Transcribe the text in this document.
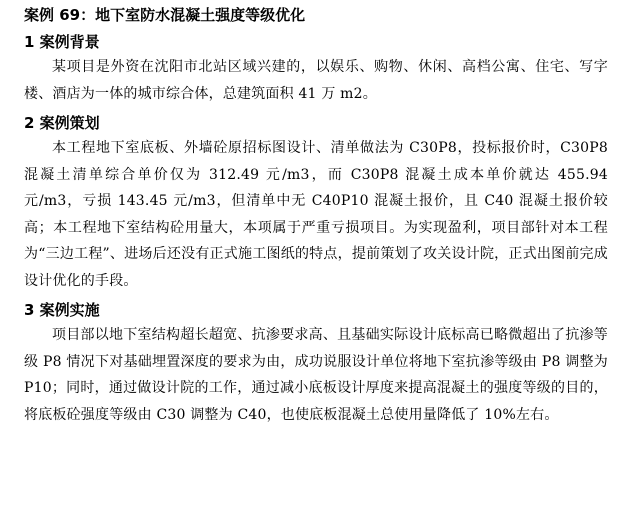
案例 69：地下室防水混凝土强度等级优化
1 案例背景

某项目是外资在沈阳市北站区域兴建的，以娱乐、购物、休闲、高档公寓、住宅、写字楼、酒店为一体的城市综合体，总建筑面积 41 万 m2。

2 案例策划

本工程地下室底板、外墙砼原招标图设计、清单做法为 C30P8，投标报价时，C30P8 混凝土清单综合单价仅为 312.49 元/m3，而 C30P8 混凝土成本单价就达 455.94 元/m3，亏损 143.45 元/m3，但清单中无 C40P10 混凝土报价，且 C40 混凝土报价较高；本工程地下室结构砼用量大，本项属于严重亏损项目。为实现盈利，项目部针对本工程为“三边工程”、进场后还没有正式施工图纸的特点，提前策划了攻关设计院，正式出图前完成设计优化的手段。

3 案例实施

项目部以地下室结构超长超宽、抗渗要求高、且基础实际设计底标高已略微超出了抗渗等级 P8 情况下对基础埋置深度的要求为由，成功说服设计单位将地下室抗渗等级由 P8 调整为 P10；同时，通过做设计院的工作，通过减小底板设计厚度来提高混凝土的强度等级的目的，将底板砼强度等级由 C30 调整为 C40，也使底板混凝土总使用量降低了 10%左右。
